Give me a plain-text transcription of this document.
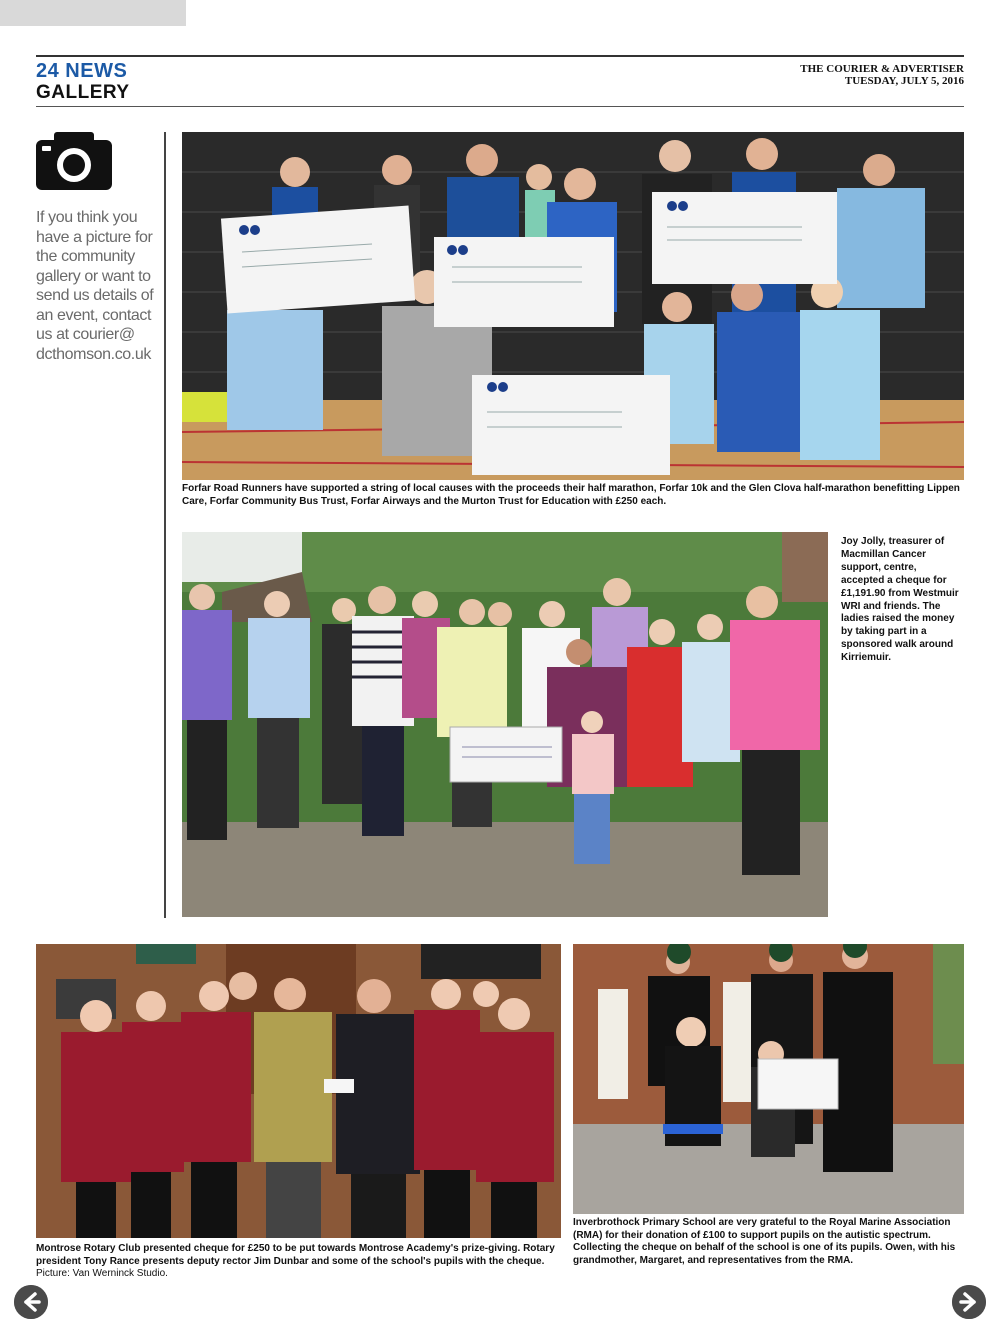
24 NEWS
GALLERY
THE COURIER & ADVERTISER
TUESDAY, JULY 5, 2016
If you think you have a picture for the community gallery or want to send us details of an event, contact us at courier@ dcthomson.co.uk
Forfar Road Runners have supported a string of local causes with the proceeds their half marathon, Forfar 10k and the Glen Clova half-marathon benefitting Lippen Care, Forfar Community Bus Trust, Forfar Airways and the Murton Trust for Education with £250 each.
Joy Jolly, treasurer of Macmillan Cancer support, centre, accepted a cheque for £1,191.90 from Westmuir WRI and friends. The ladies raised the money by taking part in a sponsored walk around Kirriemuir.
Montrose Rotary Club presented cheque for £250 to be put towards Montrose Academy's prize-giving. Rotary president Tony Rance presents deputy rector Jim Dunbar and some of the school's pupils with the cheque. Picture: Van Werninck Studio.
Inverbrothock Primary School are very grateful to the Royal Marine Association (RMA) for their donation of £100 to support pupils on the autistic spectrum. Collecting the cheque on behalf of the school is one of its pupils. Owen, with his grandmother, Margaret, and representatives from the RMA.
